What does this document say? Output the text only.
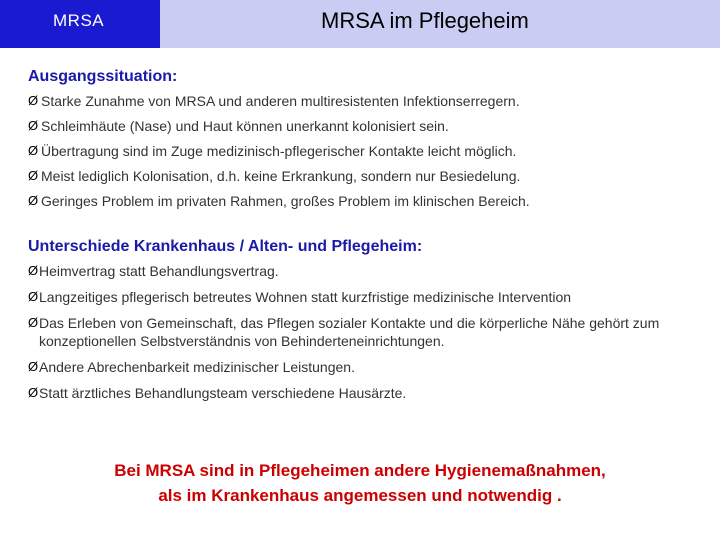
MRSA	MRSA im Pflegeheim
Ausgangssituation:
Ø Starke Zunahme von MRSA und anderen multiresistenten Infektionserregern.
Ø Schleimhäute (Nase) und Haut können unerkannt kolonisiert sein.
Ø Übertragung sind im Zuge medizinisch-pflegerischer Kontakte leicht möglich.
Ø Meist lediglich Kolonisation, d.h. keine Erkrankung, sondern nur Besiedelung.
Ø Geringes Problem im privaten Rahmen, großes Problem im klinischen Bereich.
Unterschiede Krankenhaus / Alten- und Pflegeheim:
Ø Heimvertrag statt Behandlungsvertrag.
Ø Langzeitiges pflegerisch betreutes Wohnen statt kurzfristige medizinische Intervention
Ø Das Erleben von Gemeinschaft, das Pflegen sozialer Kontakte und die körperliche Nähe gehört zum konzeptionellen Selbstverständnis von Behinderteneinrichtungen.
Ø Andere Abrechenbarkeit medizinischer Leistungen.
Ø Statt ärztliches Behandlungsteam verschiedene Hausärzte.
Bei MRSA sind in Pflegeheimen andere Hygienemaßnahmen,
als im Krankenhaus angemessen und notwendig .
